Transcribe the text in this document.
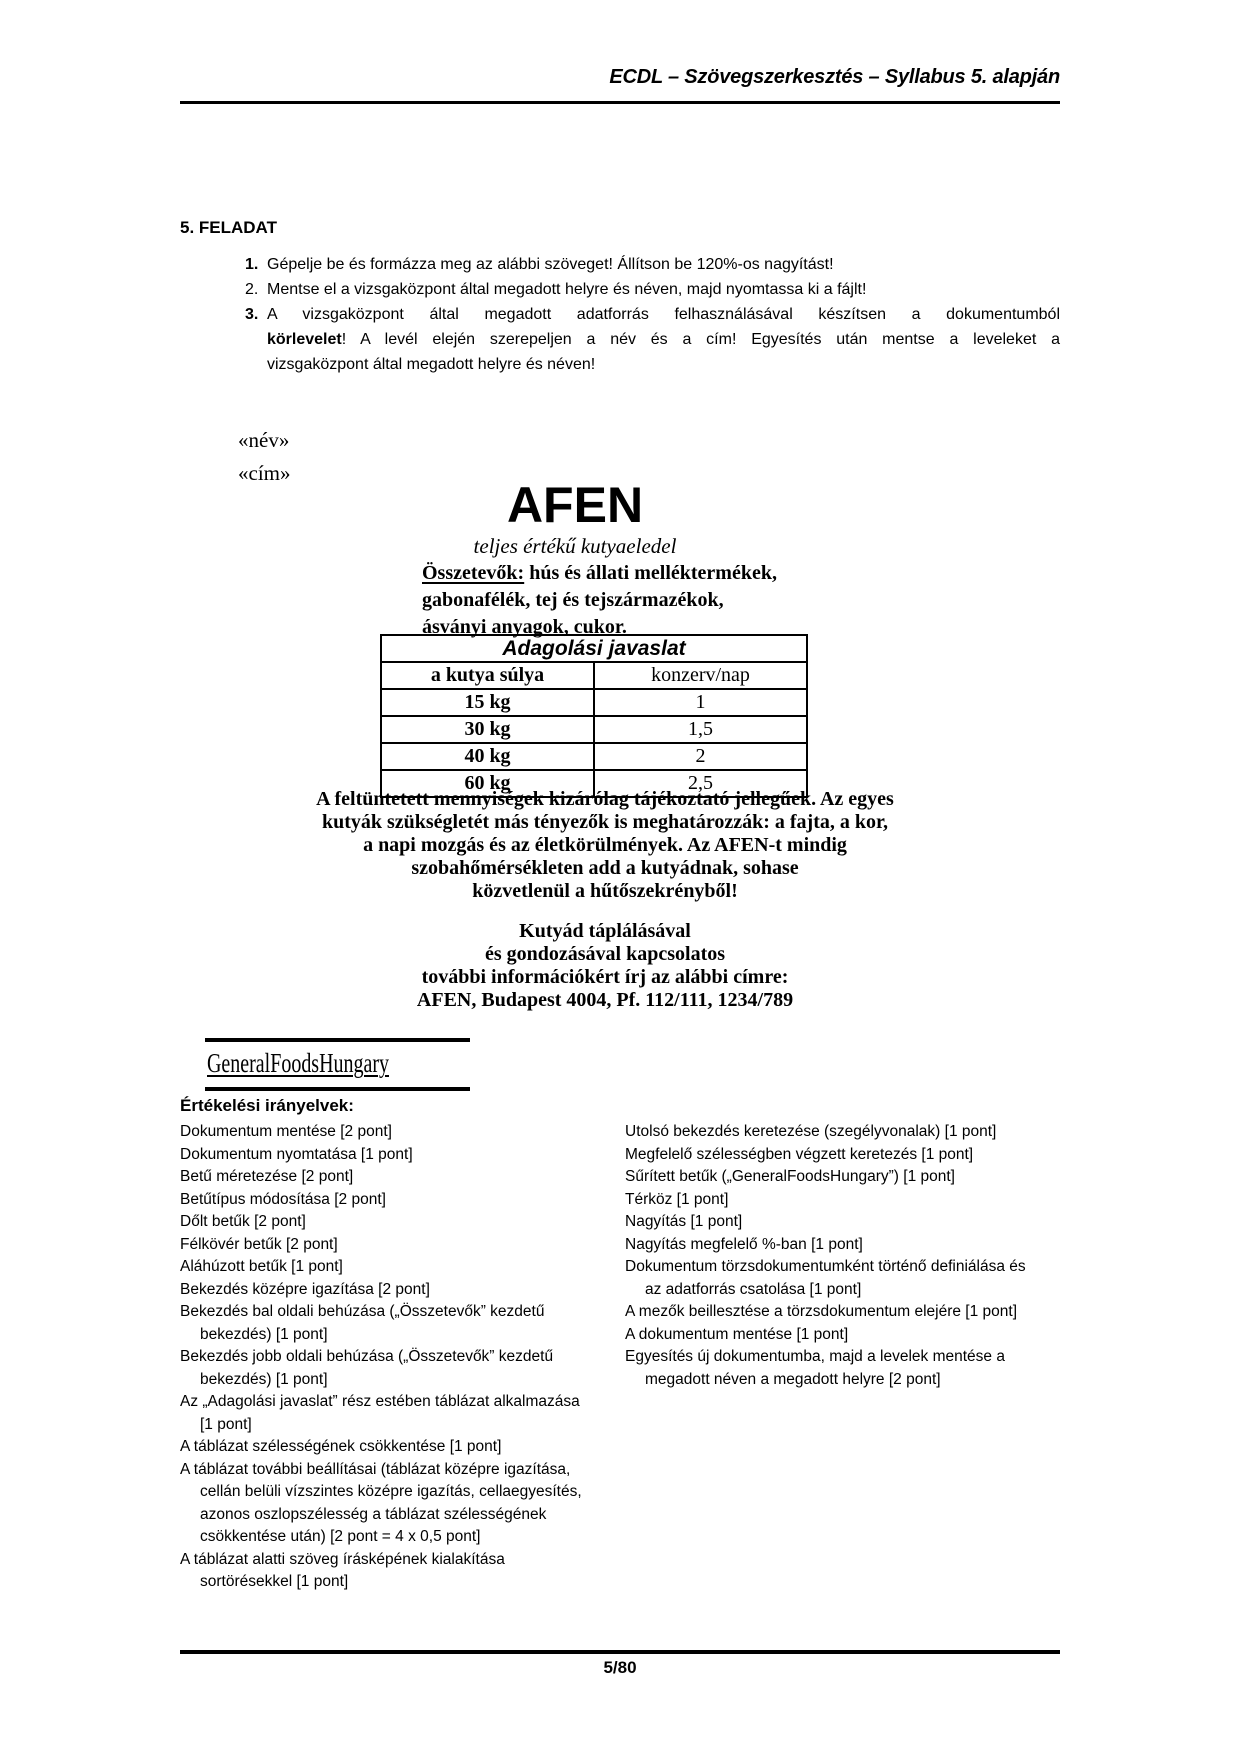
ECDL – Szövegszerkesztés – Syllabus 5. alapján
5. FELADAT
1. Gépelje be és formázza meg az alábbi szöveget! Állítson be 120%-os nagyítást!
2. Mentse el a vizsgaközpont által megadott helyre és néven, majd nyomtassa ki a fájlt!
3. A vizsgaközpont által megadott adatforrás felhasználásával készítsen a dokumentumból
körlevelet! A levél elején szerepeljen a név és a cím! Egyesítés után mentse a leveleket a
vizsgaközpont által megadott helyre és néven!
«név»
«cím»
AFEN
teljes értékű kutyaeledel
Összetevők: hús és állati melléktermékek,
gabonafélék, tej és tejszármazékok,
ásványi anyagok, cukor.
Adagolási javaslat	
a kutya súlya	konzerv/nap
15 kg	1
30 kg	1,5
40 kg	2
60 kg	2,5
A feltüntetett mennyiségek kizárólag tájékoztató jellegűek. Az egyes
kutyák szükségletét más tényezők is meghatározzák: a fajta, a kor,
a napi mozgás és az életkörülmények. Az AFEN-t mindig
szobahőmérsékleten add a kutyádnak, sohase
közvetlenül a hűtőszekrényből!
Kutyád táplálásával
és gondozásával kapcsolatos
további információkért írj az alábbi címre:
AFEN, Budapest 4004, Pf. 112/111, 1234/789
GeneralFoodsHungary
Értékelési irányelvek:
Dokumentum mentése [2 pont]
Dokumentum nyomtatása [1 pont]
Betű méretezése [2 pont]
Betűtípus módosítása [2 pont]
Dőlt betűk [2 pont]
Félkövér betűk [2 pont]
Aláhúzott betűk [1 pont]
Bekezdés középre igazítása [2 pont]
Bekezdés bal oldali behúzása („Összetevők” kezdetű
bekezdés) [1 pont]
Bekezdés jobb oldali behúzása („Összetevők” kezdetű
bekezdés) [1 pont]
Az „Adagolási javaslat” rész estében táblázat alkalmazása
[1 pont]
A táblázat szélességének csökkentése [1 pont]
A táblázat további beállításai (táblázat középre igazítása,
cellán belüli vízszintes középre igazítás, cellaegyesítés,
azonos oszlopszélesség a táblázat szélességének
csökkentése után) [2 pont = 4 x 0,5 pont]
A táblázat alatti szöveg írásképének kialakítása
sortörésekkel [1 pont]
Utolsó bekezdés keretezése (szegélyvonalak) [1 pont]
Megfelelő szélességben végzett keretezés [1 pont]
Sűrített betűk („GeneralFoodsHungary”) [1 pont]
Térköz [1 pont]
Nagyítás [1 pont]
Nagyítás megfelelő %-ban [1 pont]
Dokumentum törzsdokumentumként történő definiálása és
az adatforrás csatolása [1 pont]
A mezők beillesztése a törzsdokumentum elejére [1 pont]
A dokumentum mentése [1 pont]
Egyesítés új dokumentumba, majd a levelek mentése a
megadott néven a megadott helyre [2 pont]
5/80
